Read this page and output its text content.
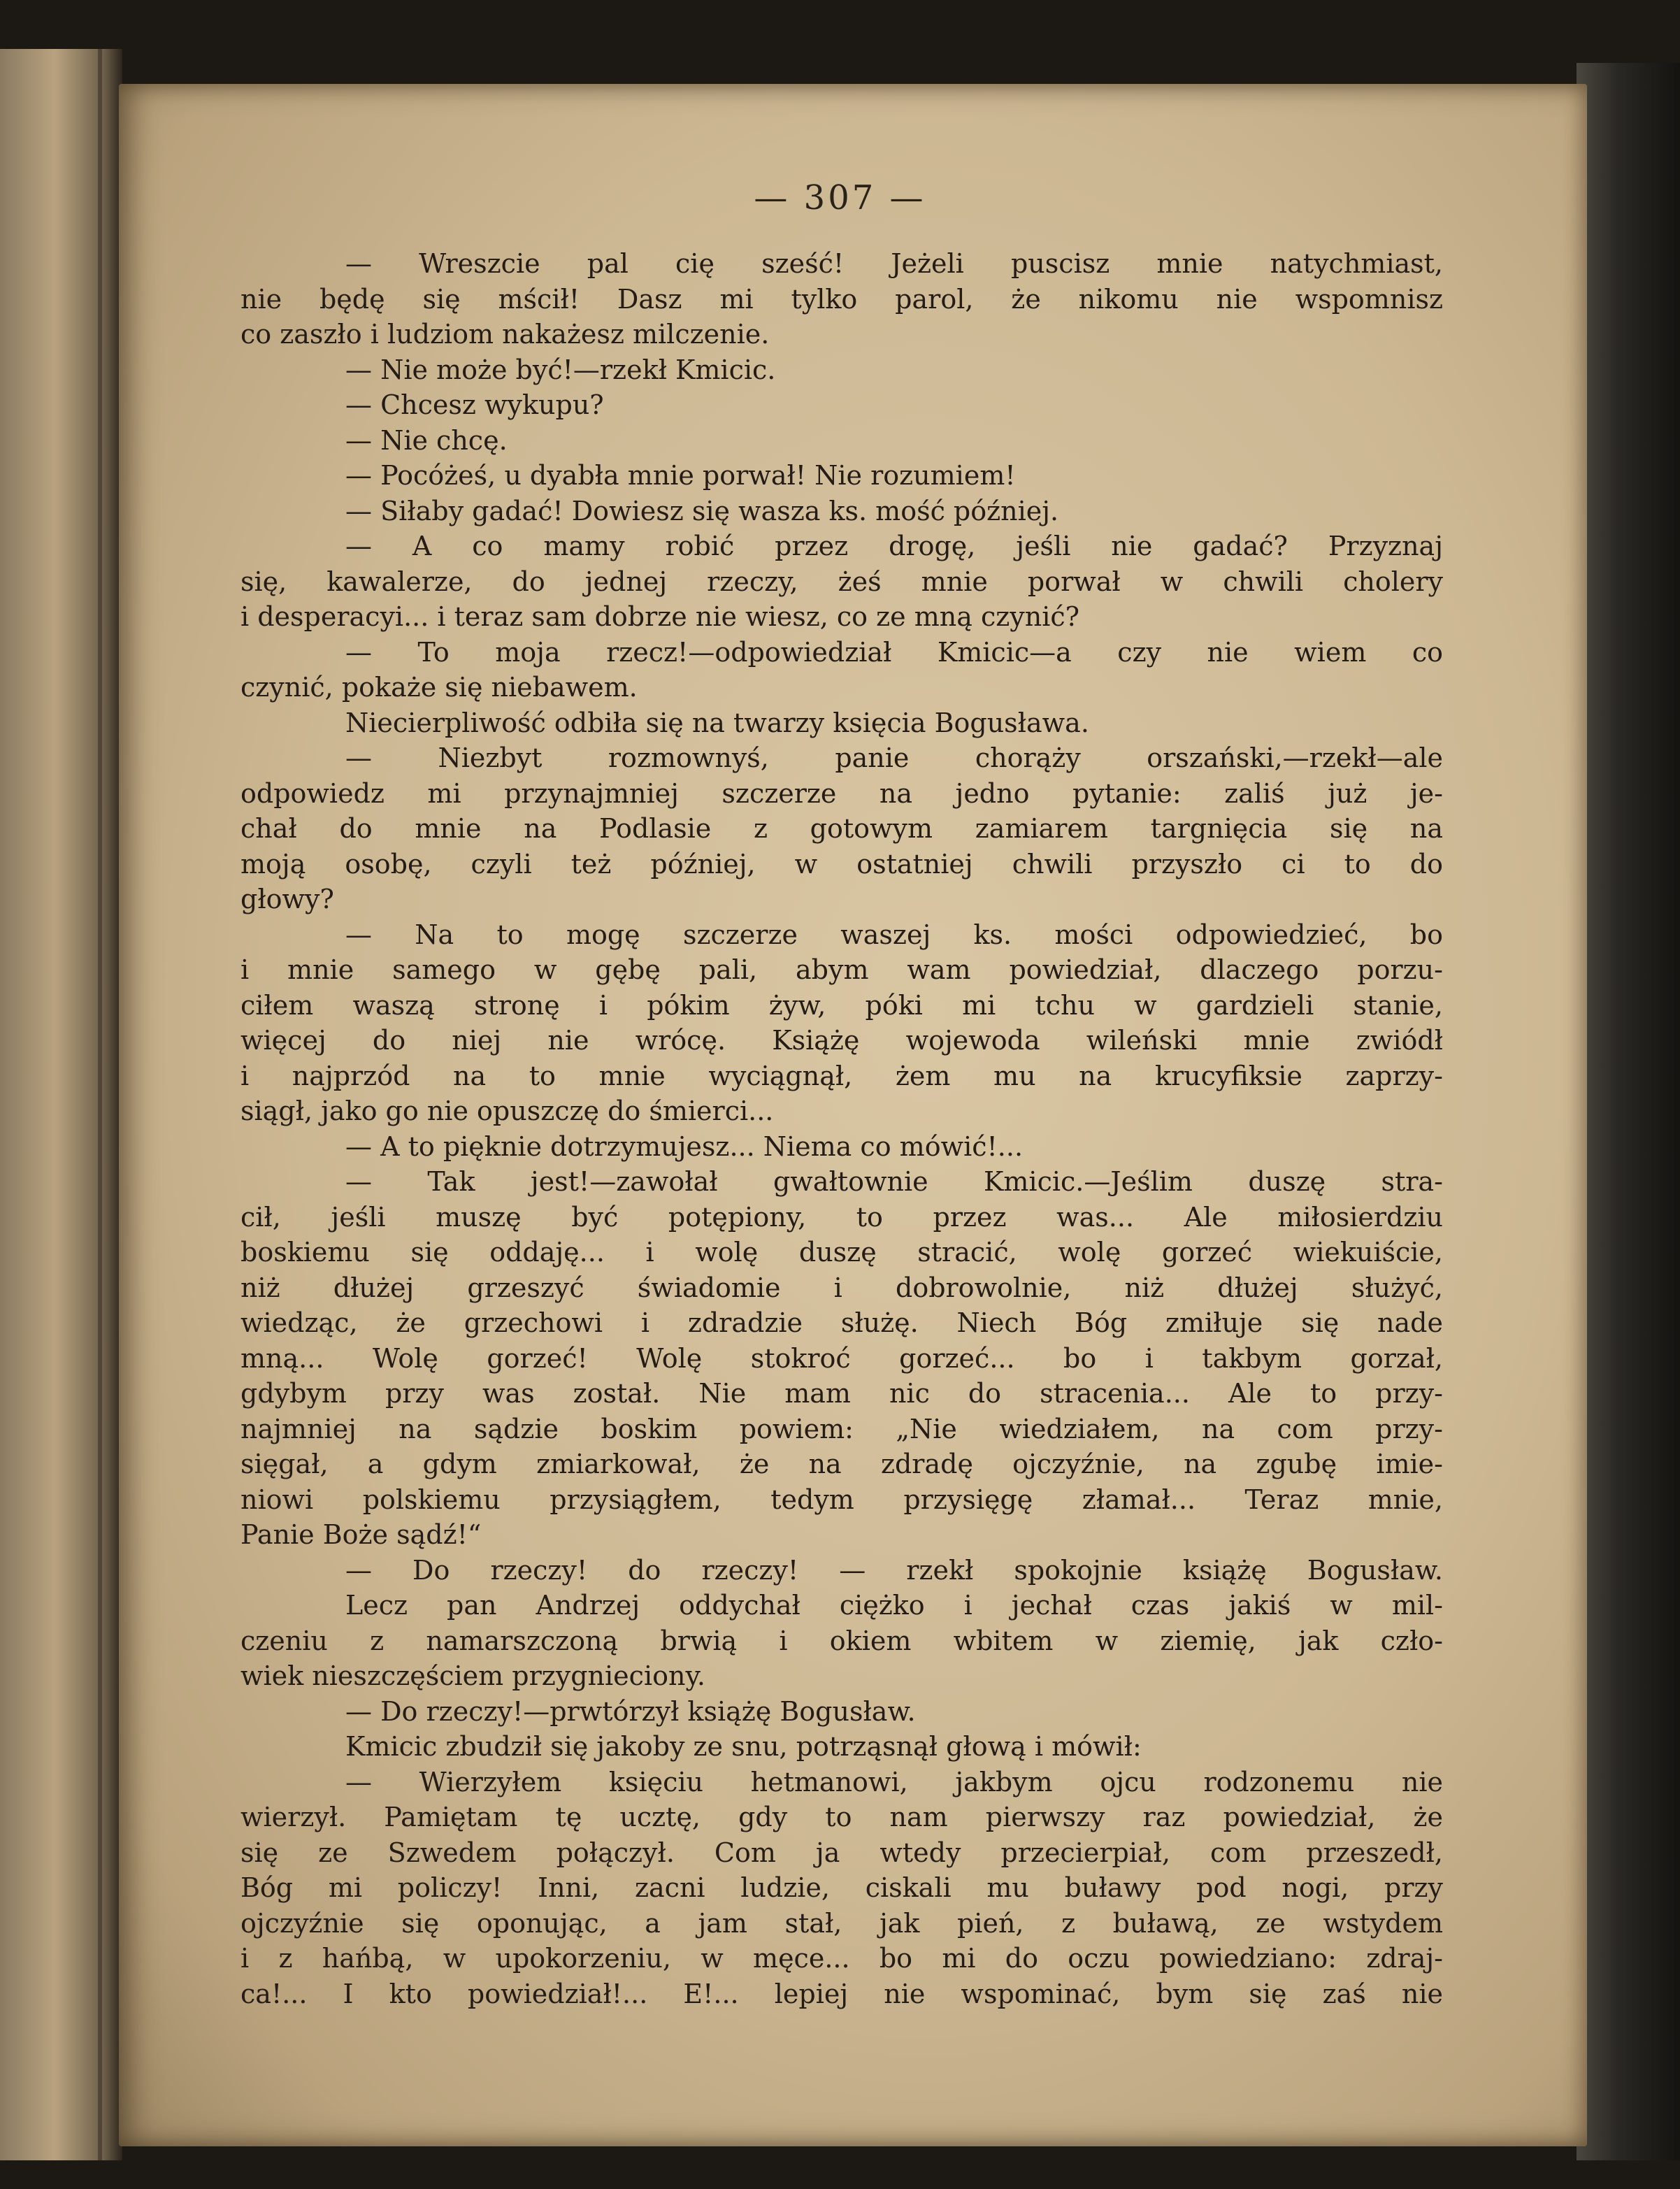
— 307 —
— Wreszcie pal cię sześć! Jeżeli puscisz mnie natychmiast,
nie będę się mścił! Dasz mi tylko parol, że nikomu nie wspomnisz
co zaszło i ludziom nakażesz milczenie.
— Nie może być!—rzekł Kmicic.
— Chcesz wykupu?
— Nie chcę.
— Pocóżeś, u dyabła mnie porwał! Nie rozumiem!
— Siłaby gadać! Dowiesz się wasza ks. mość później.
— A co mamy robić przez drogę, jeśli nie gadać? Przyznaj
się, kawalerze, do jednej rzeczy, żeś mnie porwał w chwili cholery
i desperacyi... i teraz sam dobrze nie wiesz, co ze mną czynić?
— To moja rzecz!—odpowiedział Kmicic—a czy nie wiem co
czynić, pokaże się niebawem.
Niecierpliwość odbiła się na twarzy księcia Bogusława.
— Niezbyt rozmownyś, panie chorąży orszański,—rzekł—ale
odpowiedz mi przynajmniej szczerze na jedno pytanie: zaliś już je-
chał do mnie na Podlasie z gotowym zamiarem targnięcia się na
moją osobę, czyli też później, w ostatniej chwili przyszło ci to do
głowy?
— Na to mogę szczerze waszej ks. mości odpowiedzieć, bo
i mnie samego w gębę pali, abym wam powiedział, dlaczego porzu-
ciłem waszą stronę i pókim żyw, póki mi tchu w gardzieli stanie,
więcej do niej nie wrócę. Książę wojewoda wileński mnie zwiódł
i najprzód na to mnie wyciągnął, żem mu na krucyfiksie zaprzy-
siągł, jako go nie opuszczę do śmierci...
— A to pięknie dotrzymujesz... Niema co mówić!...
— Tak jest!—zawołał gwałtownie Kmicic.—Jeślim duszę stra-
cił, jeśli muszę być potępiony, to przez was... Ale miłosierdziu
boskiemu się oddaję... i wolę duszę stracić, wolę gorzeć wiekuiście,
niż dłużej grzeszyć świadomie i dobrowolnie, niż dłużej służyć,
wiedząc, że grzechowi i zdradzie służę. Niech Bóg zmiłuje się nade
mną... Wolę gorzeć! Wolę stokroć gorzeć... bo i takbym gorzał,
gdybym przy was został. Nie mam nic do stracenia... Ale to przy-
najmniej na sądzie boskim powiem: „Nie wiedziałem, na com przy-
sięgał, a gdym zmiarkował, że na zdradę ojczyźnie, na zgubę imie-
niowi polskiemu przysiągłem, tedym przysięgę złamał... Teraz mnie,
Panie Boże sądź!“
— Do rzeczy! do rzeczy! — rzekł spokojnie książę Bogusław.
Lecz pan Andrzej oddychał ciężko i jechał czas jakiś w mil-
czeniu z namarszczoną brwią i okiem wbitem w ziemię, jak czło-
wiek nieszczęściem przygnieciony.
— Do rzeczy!—prwtórzył książę Bogusław.
Kmicic zbudził się jakoby ze snu, potrząsnął głową i mówił:
— Wierzyłem księciu hetmanowi, jakbym ojcu rodzonemu nie
wierzył. Pamiętam tę ucztę, gdy to nam pierwszy raz powiedział, że
się ze Szwedem połączył. Com ja wtedy przecierpiał, com przeszedł,
Bóg mi policzy! Inni, zacni ludzie, ciskali mu buławy pod nogi, przy
ojczyźnie się oponując, a jam stał, jak pień, z buławą, ze wstydem
i z hańbą, w upokorzeniu, w męce... bo mi do oczu powiedziano: zdraj-
ca!... I kto powiedział!... E!... lepiej nie wspominać, bym się zaś nie
